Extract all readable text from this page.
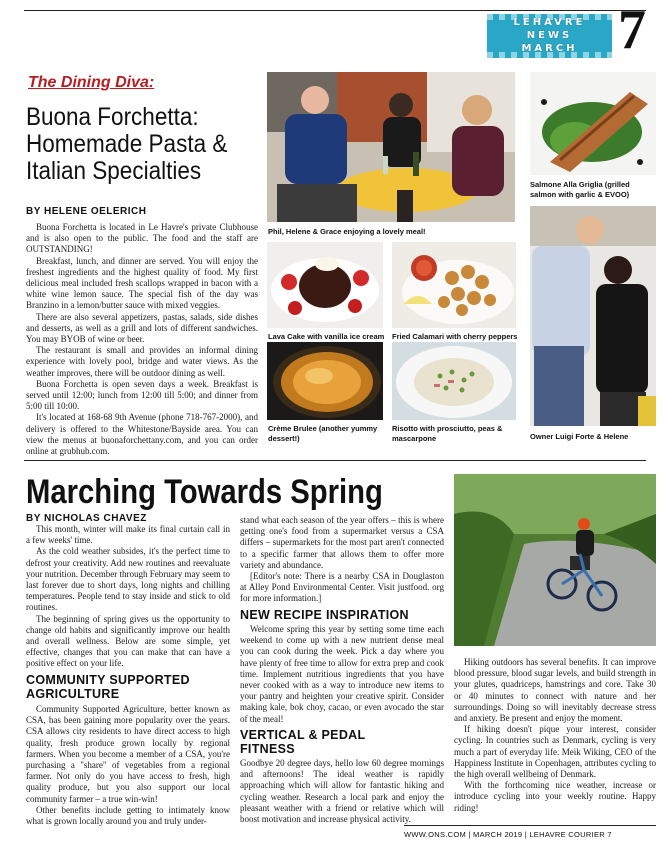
LEHAVRE
NEWS
MARCH 7
The Dining Diva:
Buona Forchetta: Homemade Pasta & Italian Specialties
BY HELENE OELERICH

Buona Forchetta is located in Le Havre's private Clubhouse and is also open to the public. The food and the staff are OUTSTANDING!

Breakfast, lunch, and dinner are served. You will enjoy the freshest ingredients and the highest quality of food. My first delicious meal included fresh scallops wrapped in bacon with a white wine lemon sauce. The special fish of the day was Branzino in a lemon/butter sauce with mixed veggies.

There are also several appetizers, pastas, salads, side dishes and desserts, as well as a grill and lots of different sandwiches. You may BYOB of wine or beer.

The restaurant is small and provides an informal dining experience with lovely pool, bridge and water views. As the weather improves, there will be outdoor dining as well.

Buona Forchetta is open seven days a week. Breakfast is served until 12:00; lunch from 12:00 till 5:00; and dinner from 5:00 till 10:00.

It's located at 168-68 9th Avenue (phone 718-767-2000), and delivery is offered to the Whitestone/Bayside area. You can view the menus at buonaforchettany.com, and you can order online at grubhub.com.

Phil, Helene & Grace enjoying a lovely meal!
Salmone Alla Griglia (grilled salmon with garlic & EVOO)
Owner Luigi Forte & Helene
Lava Cake with vanilla ice cream	Fried Calamari with cherry peppers
Crème Brulee (another yummy dessert!)
Risotto with prosciutto, peas & mascarpone
Marching Towards Spring
BY NICHOLAS CHAVEZ

This month, winter will make its final curtain call in a few weeks' time.

As the cold weather subsides, it's the perfect time to defrost your creativity. Add new routines and reevaluate your nutrition. December through February may seem to last forever due to short days, long nights and chilling temperatures. People tend to stay inside and stick to old routines.

The beginning of spring gives us the opportunity to change old habits and significantly improve our health and overall wellness. Below are some simple, yet effective, changes that you can make that can have a positive effect on your life.

COMMUNITY SUPPORTED AGRICULTURE

Community Supported Agriculture, better known as CSA, has been gaining more popularity over the years. CSA allows city residents to have direct access to high quality, fresh produce grown locally by regional farmers. When you become a member of a CSA, you're purchasing a "share" of vegetables from a regional farmer. Not only do you have access to fresh, high quality produce, but you also support our local community farmer – a true win-win!

Other benefits include getting to intimately know what is grown locally around you and truly under-

stand what each season of the year offers – this is where getting one's food from a supermarket versus a CSA differs – supermarkets for the most part aren't connected to a specific farmer that allows them to offer more variety and abundance.

[Editor's note: There is a nearby CSA in Douglaston at Alley Pond Environmental Center. Visit justfood. org for more information.]

NEW RECIPE INSPIRATION

Welcome spring this year by setting some time each weekend to come up with a new nutrient dense meal you can cook during the week. Pick a day where you have plenty of free time to allow for extra prep and cook time. Implement nutritious ingredients that you have never cooked with as a way to introduce new items to your pantry and heighten your creative spirit. Consider making kale, bok choy, cacao, or even avocado the star of the meal!

VERTICAL & PEDAL FITNESS

Goodbye 20 degree days, hello low 60 degree mornings and afternoons! The ideal weather is rapidly approaching which will allow for fantastic hiking and cycling weather. Research a local park and enjoy the pleasant weather with a friend or relative which will boost motivation and increase physical activity.

Hiking outdoors has several benefits. It can improve blood pressure, blood sugar levels, and build strength in your glutes, quadriceps, hamstrings and core. Take 30 or 40 minutes to connect with nature and her surroundings. Doing so will inevitably decrease stress and anxiety. Be present and enjoy the moment.

If hiking doesn't pique your interest, consider cycling. In countries such as Denmark, cycling is very much a part of everyday life. Meik Wiking, CEO of the Happiness Institute in Copenhagen, attributes cycling to the high overall wellbeing of Denmark.

With the forthcoming nice weather, increase or introduce cycling into your weekly routine. Happy riding!

WWW.ONS.COM | MARCH 2019 | LEHAVRE COURIER 7
